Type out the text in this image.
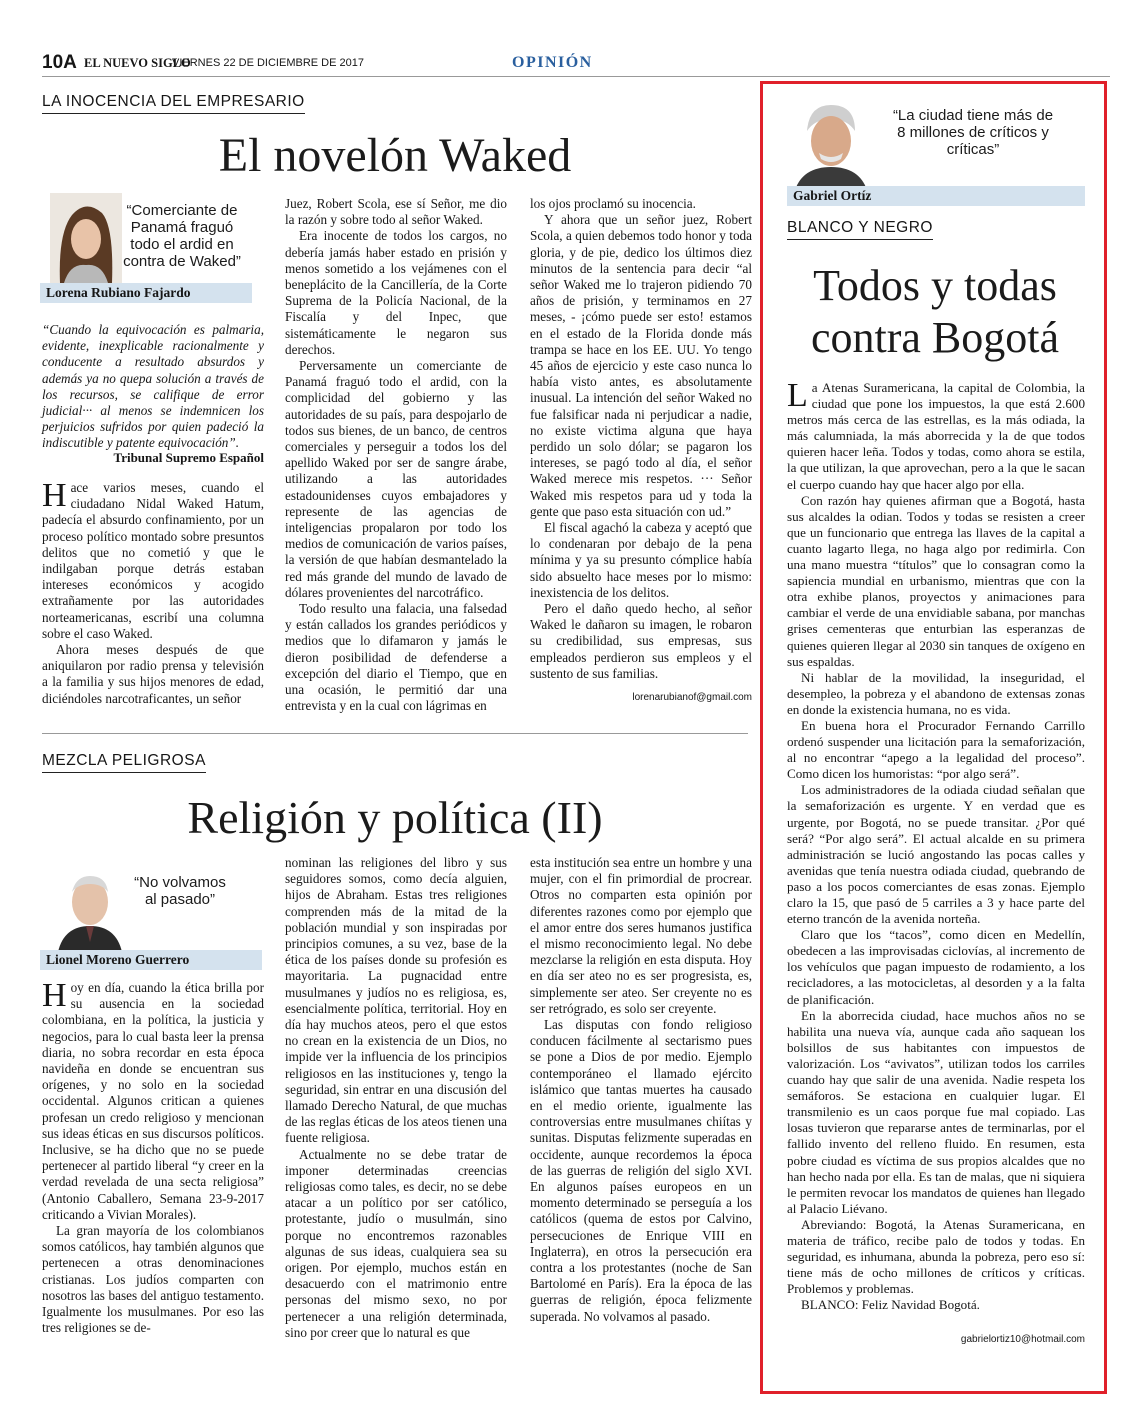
10A EL NUEVO SIGLO
VIERNES 22 DE DICIEMBRE DE 2017	OPINIÓN
LA INOCENCIA DEL EMPRESARIO
El novelón Waked
“Comerciante de Panamá fraguó todo el ardid en contra de Waked”
Lorena Rubiano Fajardo
“Cuando la equivocación es palmaria, evidente, inexplicable racionalmente y conducente a resultado absurdos y además ya no quepa solución a través de los recursos, se califique de error judicial··· al menos se indemnicen los perjuicios sufridos por quien padeció la indiscutible y patente equivocación”.
Tribunal Supremo Español

Hace varios meses, cuando el ciudadano Nidal Waked Hatum, padecía el absurdo confinamiento, por un proceso político montado sobre presuntos delitos que no cometió y que le indilgaban porque detrás estaban intereses económicos y acogido extrañamente por las autoridades norteamericanas, escribí una columna sobre el caso Waked.

Ahora meses después de que aniquilaron por radio prensa y televisión a la familia y sus hijos menores de edad, diciéndoles narcotraficantes, un señor

Juez, Robert Scola, ese sí Señor, me dio la razón y sobre todo al señor Waked.

Era inocente de todos los cargos, no debería jamás haber estado en prisión y menos sometido a los vejámenes con el beneplácito de la Cancillería, de la Corte Suprema de la Policía Nacional, de la Fiscalía y del Inpec, que sistemáticamente le negaron sus derechos.

Perversamente un comerciante de Panamá fraguó todo el ardid, con la complicidad del gobierno y las autoridades de su país, para despojarlo de todos sus bienes, de un banco, de centros comerciales y perseguir a todos los del apellido Waked por ser de sangre árabe, utilizando a las autoridades estadounidenses cuyos embajadores y represente de las agencias de inteligencias propalaron por todo los medios de comunicación de varios países, la versión de que habían desmantelado la red más grande del mundo de lavado de dólares provenientes del narcotráfico.

Todo resulto una falacia, una falsedad y están callados los grandes periódicos y medios que lo difamaron y jamás le dieron posibilidad de defenderse a excepción del diario el Tiempo, que en una ocasión, le permitió dar una entrevista y en la cual con lágrimas en

los ojos proclamó su inocencia.

Y ahora que un señor juez, Robert Scola, a quien debemos todo honor y toda gloria, y de pie, dedico los últimos diez minutos de la sentencia para decir “al señor Waked me lo trajeron pidiendo 70 años de prisión, y terminamos en 27 meses, - ¡cómo puede ser esto! estamos en el estado de la Florida donde más trampa se hace en los EE. UU. Yo tengo 45 años de ejercicio y este caso nunca lo había visto antes, es absolutamente inusual. La intención del señor Waked no fue falsificar nada ni perjudicar a nadie, no existe victima alguna que haya perdido un solo dólar; se pagaron los intereses, se pagó todo al día, el señor Waked merece mis respetos. ··· Señor Waked mis respetos para ud y toda la gente que paso esta situación con ud.”

El fiscal agachó la cabeza y aceptó que lo condenaran por debajo de la pena mínima y ya su presunto cómplice había sido absuelto hace meses por lo mismo: inexistencia de los delitos.

Pero el daño quedo hecho, al señor Waked le dañaron su imagen, le robaron su credibilidad, sus empresas, sus empleados perdieron sus empleos y el sustento de sus familias.

lorenarubianof@gmail.com
MEZCLA PELIGROSA
Religión y política (II)
“No volvamos al pasado”
Lionel Moreno Guerrero

Hoy en día, cuando la ética brilla por su ausencia en la sociedad colombiana, en la política, la justicia y negocios, para lo cual basta leer la prensa diaria, no sobra recordar en esta época navideña en donde se encuentran sus orígenes, y no solo en la sociedad occidental. Algunos critican a quienes profesan un credo religioso y mencionan sus ideas éticas en sus discursos políticos. Inclusive, se ha dicho que no se puede pertenecer al partido liberal “y creer en la verdad revelada de una secta religiosa” (Antonio Caballero, Semana 23-9-2017 criticando a Vivian Morales).

La gran mayoría de los colombianos somos católicos, hay también algunos que pertenecen a otras denominaciones cristianas. Los judíos comparten con nosotros las bases del antiguo testamento. Igualmente los musulmanes. Por eso las tres religiones se de-

nominan las religiones del libro y sus seguidores somos, como decía alguien, hijos de Abraham. Estas tres religiones comprenden más de la mitad de la población mundial y son inspiradas por principios comunes, a su vez, base de la ética de los países donde su profesión es mayoritaria. La pugnacidad entre musulmanes y judíos no es religiosa, es, esencialmente política, territorial. Hoy en día hay muchos ateos, pero el que estos no crean en la existencia de un Dios, no impide ver la influencia de los principios religiosos en las instituciones y, tengo la seguridad, sin entrar en una discusión del llamado Derecho Natural, de que muchas de las reglas éticas de los ateos tienen una fuente religiosa.

Actualmente no se debe tratar de imponer determinadas creencias religiosas como tales, es decir, no se debe atacar a un político por ser católico, protestante, judío o musulmán, sino porque no encontremos razonables algunas de sus ideas, cualquiera sea su origen. Por ejemplo, muchos están en desacuerdo con el matrimonio entre personas del mismo sexo, no por pertenecer a una religión determinada, sino por creer que lo natural es que

esta institución sea entre un hombre y una mujer, con el fin primordial de procrear. Otros no comparten esta opinión por diferentes razones como por ejemplo que el amor entre dos seres humanos justifica el mismo reconocimiento legal. No debe mezclarse la religión en esta disputa. Hoy en día ser ateo no es ser progresista, es, simplemente ser ateo. Ser creyente no es ser retrógrado, es solo ser creyente.

Las disputas con fondo religioso conducen fácilmente al sectarismo pues se pone a Dios de por medio. Ejemplo contemporáneo el llamado ejército islámico que tantas muertes ha causado en el medio oriente, igualmente las controversias entre musulmanes chiítas y sunitas. Disputas felizmente superadas en occidente, aunque recordemos la época de las guerras de religión del siglo XVI. En algunos países europeos en un momento determinado se perseguía a los católicos (quema de estos por Calvino, persecuciones de Enrique VIII en Inglaterra), en otros la persecución era contra a los protestantes (noche de San Bartolomé en París). Era la época de las guerras de religión, época felizmente superada. No volvamos al pasado.

“La ciudad tiene más de 8 millones de críticos y críticas”
Gabriel Ortíz
BLANCO Y NEGRO
Todos y todas
contra Bogotá

La Atenas Suramericana, la capital de Colombia, la ciudad que pone los impuestos, la que está 2.600 metros más cerca de las estrellas, es la más odiada, la más calumniada, la más aborrecida y la de que todos quieren hacer leña. Todos y todas, como ahora se estila, la que utilizan, la que aprovechan, pero a la que le sacan el cuerpo cuando hay que hacer algo por ella.

Con razón hay quienes afirman que a Bogotá, hasta sus alcaldes la odian. Todos y todas se resisten a creer que un funcionario que entrega las llaves de la capital a cuanto lagarto llega, no haga algo por redimirla. Con una mano muestra “títulos” que lo consagran como la sapiencia mundial en urbanismo, mientras que con la otra exhibe planos, proyectos y animaciones para cambiar el verde de una envidiable sabana, por manchas grises cementeras que enturbian las esperanzas de quienes quieren llegar al 2030 sin tanques de oxígeno en sus espaldas.

Ni hablar de la movilidad, la inseguridad, el desempleo, la pobreza y el abandono de extensas zonas en donde la existencia humana, no es vida.

En buena hora el Procurador Fernando Carrillo ordenó suspender una licitación para la semaforización, al no encontrar “apego a la legalidad del proceso”. Como dicen los humoristas: “por algo será”.

Los administradores de la odiada ciudad señalan que la semaforización es urgente. Y en verdad que es urgente, por Bogotá, no se puede transitar. ¿Por qué será? “Por algo será”. El actual alcalde en su primera administración se lució angostando las pocas calles y avenidas que tenía nuestra odiada ciudad, quebrando de paso a los pocos comerciantes de esas zonas. Ejemplo claro la 15, que pasó de 5 carriles a 3 y hace parte del eterno trancón de la avenida norteña.

Claro que los “tacos”, como dicen en Medellín, obedecen a las improvisadas ciclovías, al incremento de los vehículos que pagan impuesto de rodamiento, a los recicladores, a las motocicletas, al desorden y a la falta de planificación.

En la aborrecida ciudad, hace muchos años no se habilita una nueva vía, aunque cada año saquean los bolsillos de sus habitantes con impuestos de valorización. Los “avivatos”, utilizan todos los carriles cuando hay que salir de una avenida. Nadie respeta los semáforos. Se estaciona en cualquier lugar. El transmilenio es un caos porque fue mal copiado. Las losas tuvieron que repararse antes de terminarlas, por el fallido invento del relleno fluido. En resumen, esta pobre ciudad es víctima de sus propios alcaldes que no han hecho nada por ella. Es tan de malas, que ni siquiera le permiten revocar los mandatos de quienes han llegado al Palacio Liévano.

Abreviando: Bogotá, la Atenas Suramericana, en materia de tráfico, recibe palo de todos y todas. En seguridad, es inhumana, abunda la pobreza, pero eso sí: tiene más de ocho millones de críticos y críticas. Problemos y problemas.

BLANCO: Feliz Navidad Bogotá.

gabrielortiz10@hotmail.com
